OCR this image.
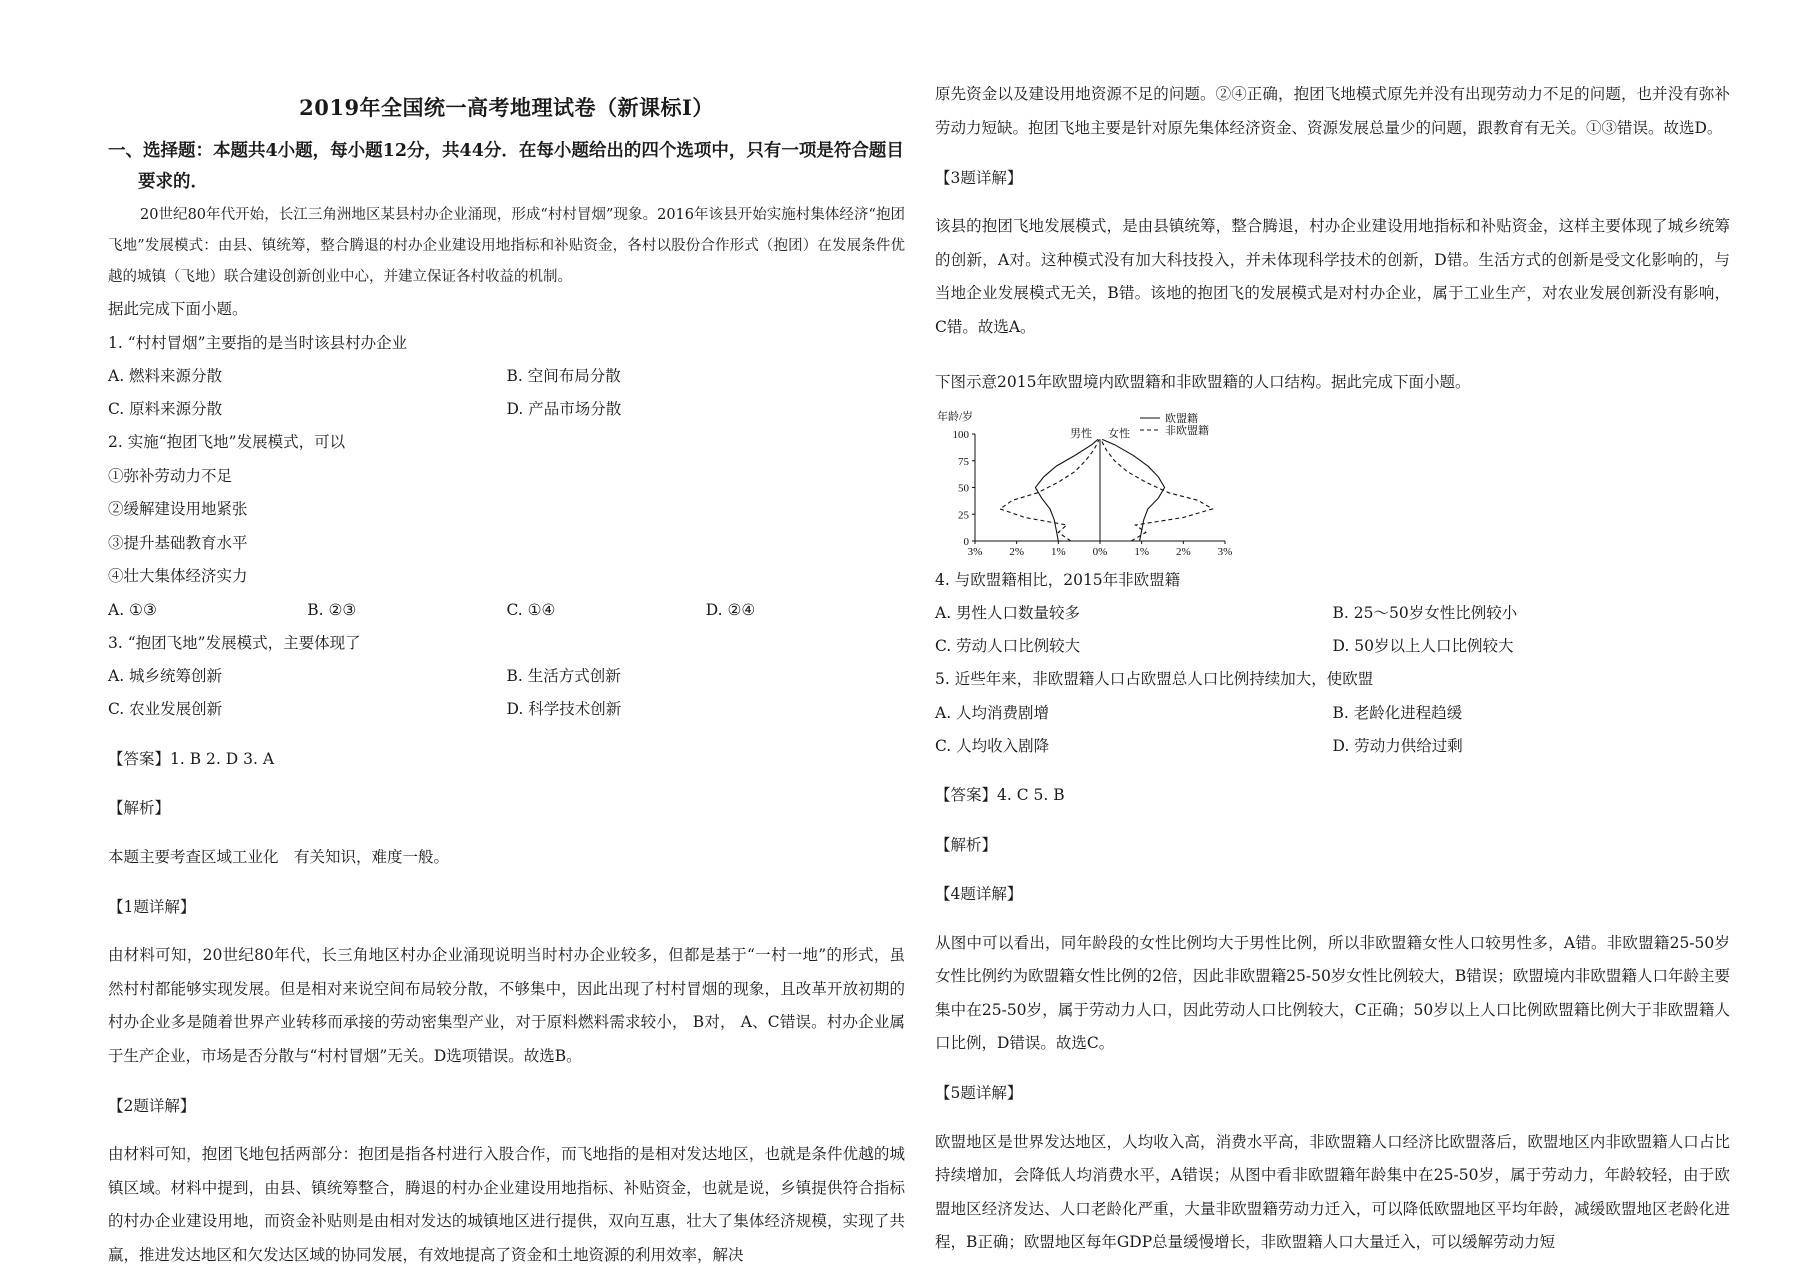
2019年全国统一高考地理试卷（新课标Ⅰ）
一、选择题：本题共4小题，每小题12分，共44分．在每小题给出的四个选项中，只有一项是符合题目要求的．

20世纪80年代开始，长江三角洲地区某县村办企业涌现，形成“村村冒烟”现象。2016年该县开始实施村集体经济“抱团飞地”发展模式：由县、镇统筹，整合腾退的村办企业建设用地指标和补贴资金，各村以股份合作形式（抱团）在发展条件优越的城镇（飞地）联合建设创新创业中心，并建立保证各村收益的机制。

据此完成下面小题。

1. “村村冒烟”主要指的是当时该县村办企业

A. 燃料来源分散	B. 空间布局分散
C. 原料来源分散	D. 产品市场分散

2. 实施“抱团飞地”发展模式，可以

①弥补劳动力不足

②缓解建设用地紧张

③提升基础教育水平

④壮大集体经济实力

A. ①③	B. ②③	C. ①④	D. ②④

3. “抱团飞地”发展模式，主要体现了

A. 城乡统筹创新	B. 生活方式创新
C. 农业发展创新	D. 科学技术创新

【答案】1. B 2. D 3. A

【解析】

本题主要考查区域工业化　有关知识，难度一般。

【1题详解】

由材料可知，20世纪80年代，长三角地区村办企业涌现说明当时村办企业较多，但都是基于“一村一地”的形式，虽然村村都能够实现发展。但是相对来说空间布局较分散，不够集中，因此出现了村村冒烟的现象，且改革开放初期的村办企业多是随着世界产业转移而承接的劳动密集型产业，对于原料燃料需求较小， B对， A、C错误。村办企业属于生产企业，市场是否分散与“村村冒烟”无关。D选项错误。故选B。

【2题详解】

由材料可知，抱团飞地包括两部分：抱团是指各村进行入股合作，而飞地指的是相对发达地区，也就是条件优越的城镇区域。材料中提到，由县、镇统筹整合，腾退的村办企业建设用地指标、补贴资金，也就是说，乡镇提供符合指标的村办企业建设用地，而资金补贴则是由相对发达的城镇地区进行提供，双向互惠，壮大了集体经济规模，实现了共赢，推进发达地区和欠发达区域的协同发展，有效地提高了资金和土地资源的利用效率，解决

原先资金以及建设用地资源不足的问题。②④正确，抱团飞地模式原先并没有出现劳动力不足的问题，也并没有弥补劳动力短缺。抱团飞地主要是针对原先集体经济资金、资源发展总量少的问题，跟教育有无关。①③错误。故选D。

【3题详解】

该县的抱团飞地发展模式，是由县镇统筹，整合腾退，村办企业建设用地指标和补贴资金，这样主要体现了城乡统筹的创新，A对。这种模式没有加大科技投入，并未体现科学技术的创新，D错。生活方式的创新是受文化影响的，与当地企业发展模式无关，B错。该地的抱团飞的发展模式是对村办企业，属于工业生产，对农业发展创新没有影响，C错。故选A。

下图示意2015年欧盟境内欧盟籍和非欧盟籍的人口结构。据此完成下面小题。

年龄/岁
0
25
50
75
100
3% 2% 1% 0% 1% 2% 3%
男性 女性
欧盟籍
非欧盟籍

4. 与欧盟籍相比，2015年非欧盟籍

A. 男性人口数量较多	B. 25～50岁女性比例较小
C. 劳动人口比例较大	D. 50岁以上人口比例较大

5. 近些年来，非欧盟籍人口占欧盟总人口比例持续加大，使欧盟

A. 人均消费剧增	B. 老龄化进程趋缓
C. 人均收入剧降	D. 劳动力供给过剩

【答案】4. C 5. B

【解析】

【4题详解】

从图中可以看出，同年龄段的女性比例均大于男性比例，所以非欧盟籍女性人口较男性多，A错。非欧盟籍25-50岁女性比例约为欧盟籍女性比例的2倍，因此非欧盟籍25-50岁女性比例较大，B错误；欧盟境内非欧盟籍人口年龄主要集中在25-50岁，属于劳动力人口，因此劳动人口比例较大，C正确；50岁以上人口比例欧盟籍比例大于非欧盟籍人口比例，D错误。故选C。

【5题详解】

欧盟地区是世界发达地区，人均收入高，消费水平高，非欧盟籍人口经济比欧盟落后，欧盟地区内非欧盟籍人口占比持续增加，会降低人均消费水平，A错误；从图中看非欧盟籍年龄集中在25-50岁，属于劳动力，年龄较轻，由于欧盟地区经济发达、人口老龄化严重，大量非欧盟籍劳动力迁入，可以降低欧盟地区平均年龄，减缓欧盟地区老龄化进程，B正确；欧盟地区每年GDP总量缓慢增长，非欧盟籍人口大量迁入，可以缓解劳动力短
